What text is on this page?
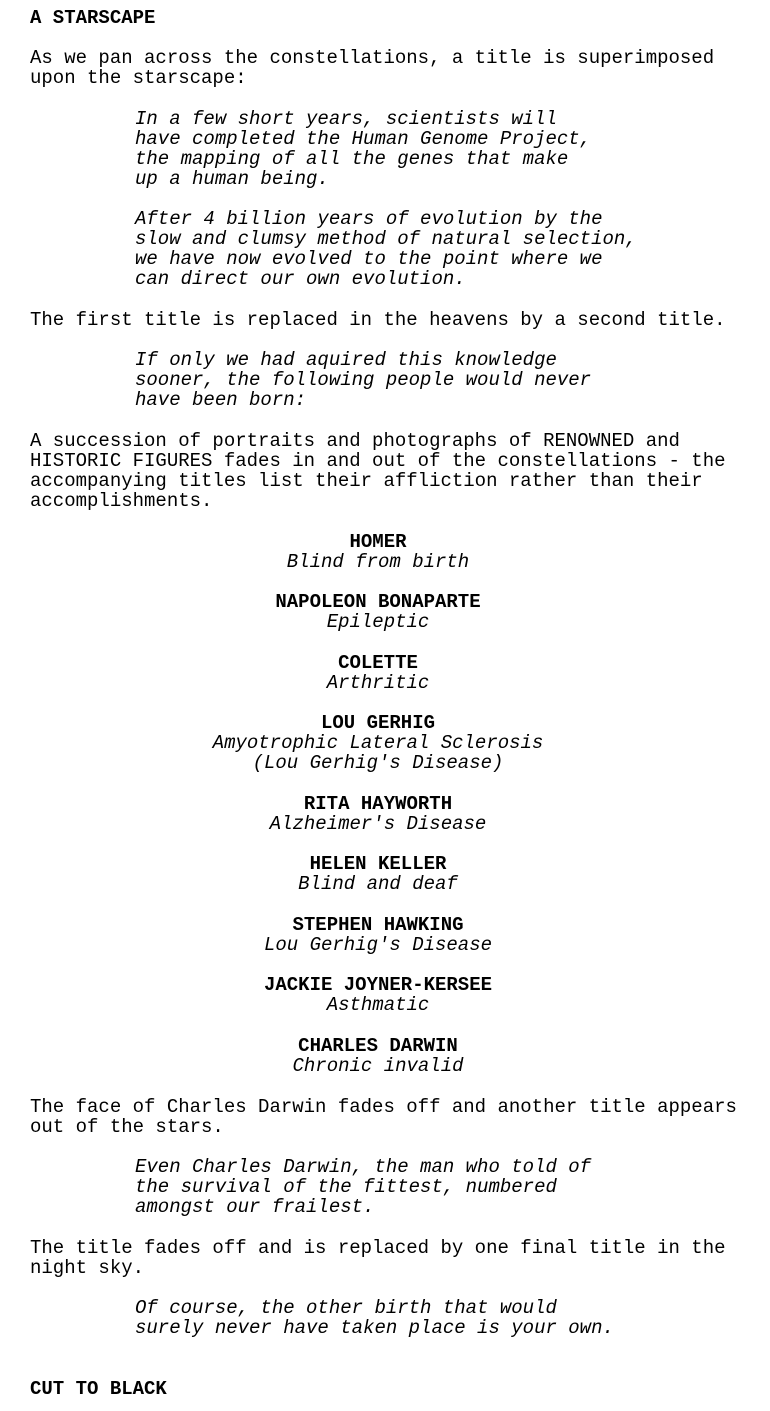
A STARSCAPE
As we pan across the constellations, a title is superimposed
upon the starscape:
In a few short years, scientists will
have completed the Human Genome Project,
the mapping of all the genes that make
up a human being.
After 4 billion years of evolution by the
slow and clumsy method of natural selection,
we have now evolved to the point where we
can direct our own evolution.
The first title is replaced in the heavens by a second title.
If only we had aquired this knowledge
sooner, the following people would never
have been born:
A succession of portraits and photographs of RENOWNED and
HISTORIC FIGURES fades in and out of the constellations - the
accompanying titles list their affliction rather than their
accomplishments.
HOMER
Blind from birth
NAPOLEON BONAPARTE
Epileptic
COLETTE
Arthritic
LOU GERHIG
Amyotrophic Lateral Sclerosis
(Lou Gerhig's Disease)
RITA HAYWORTH
Alzheimer's Disease
HELEN KELLER
Blind and deaf
STEPHEN HAWKING
Lou Gerhig's Disease
JACKIE JOYNER-KERSEE
Asthmatic
CHARLES DARWIN
Chronic invalid
The face of Charles Darwin fades off and another title appears
out of the stars.
Even Charles Darwin, the man who told of
the survival of the fittest, numbered
amongst our frailest.
The title fades off and is replaced by one final title in the
night sky.
Of course, the other birth that would
surely never have taken place is your own.
CUT TO BLACK
